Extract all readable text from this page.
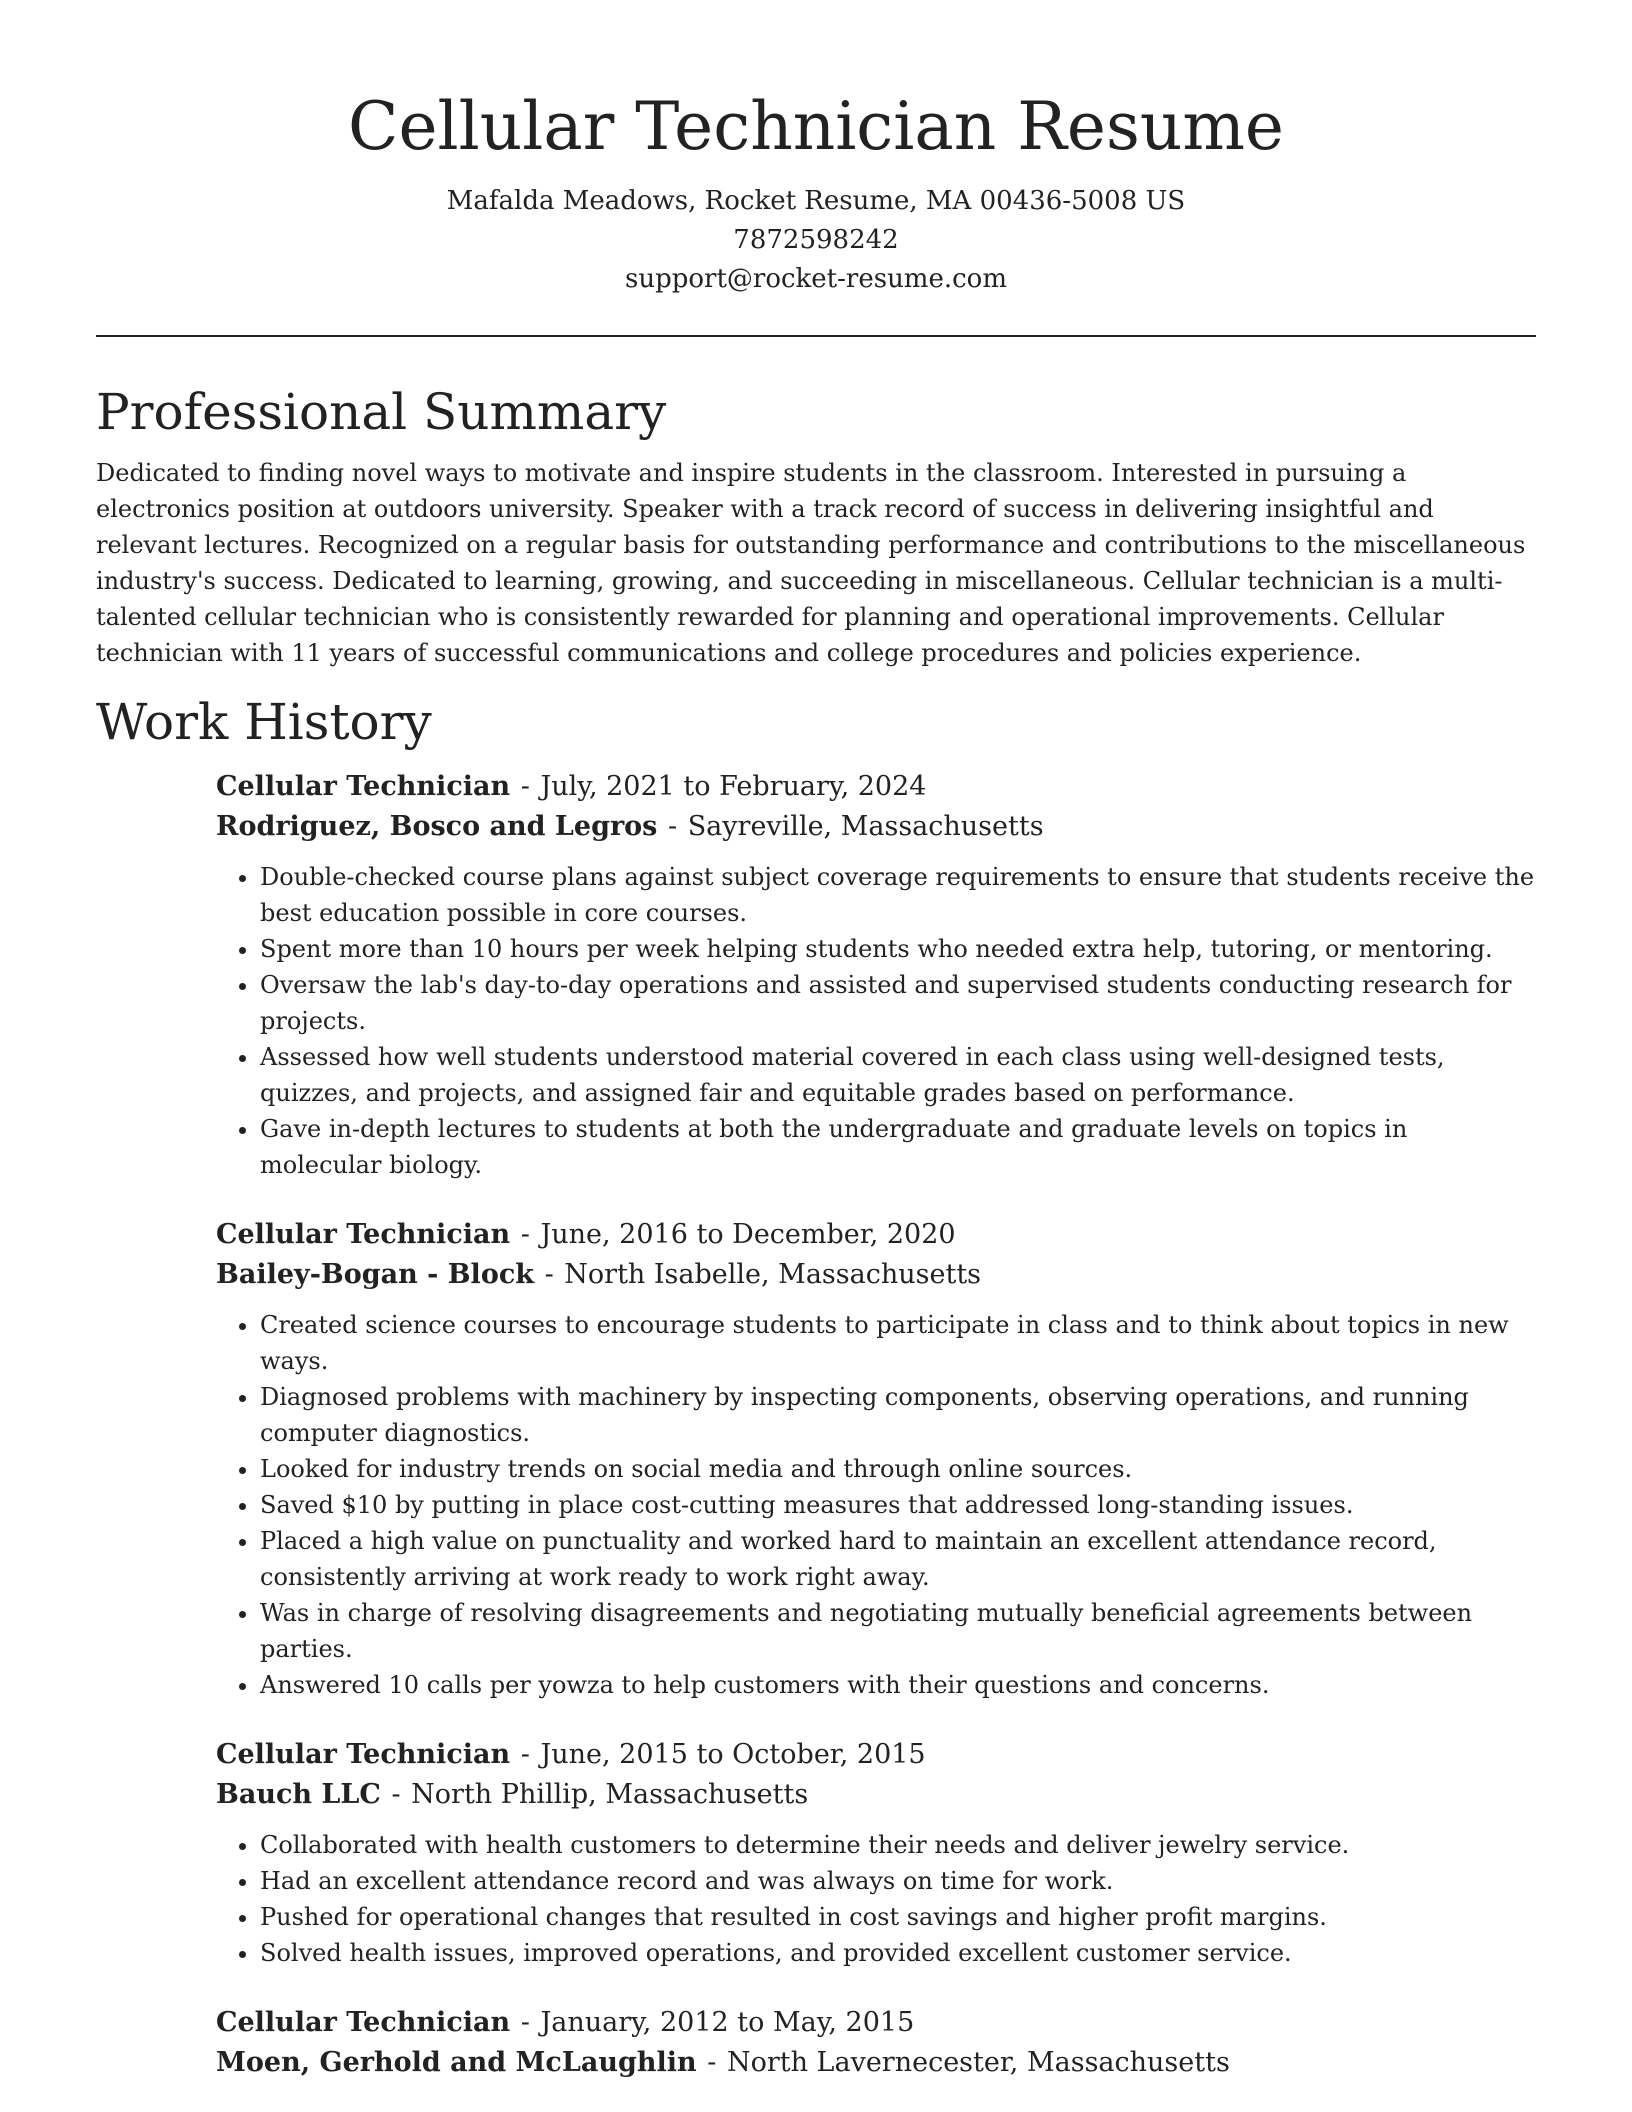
Cellular Technician Resume
Mafalda Meadows, Rocket Resume, MA 00436-5008 US
7872598242
support@rocket-resume.com
Professional Summary

Dedicated to finding novel ways to motivate and inspire students in the classroom. Interested in pursuing a electronics position at outdoors university. Speaker with a track record of success in delivering insightful and relevant lectures. Recognized on a regular basis for outstanding performance and contributions to the miscellaneous industry's success. Dedicated to learning, growing, and succeeding in miscellaneous. Cellular technician is a multi-talented cellular technician who is consistently rewarded for planning and operational improvements. Cellular technician with 11 years of successful communications and college procedures and policies experience.

Work History
Cellular Technician - July, 2021 to February, 2024
Rodriguez, Bosco and Legros - Sayreville, Massachusetts
• Double-checked course plans against subject coverage requirements to ensure that students receive the best education possible in core courses.
• Spent more than 10 hours per week helping students who needed extra help, tutoring, or mentoring.
• Oversaw the lab's day-to-day operations and assisted and supervised students conducting research for projects.
• Assessed how well students understood material covered in each class using well-designed tests, quizzes, and projects, and assigned fair and equitable grades based on performance.
• Gave in-depth lectures to students at both the undergraduate and graduate levels on topics in molecular biology.
Cellular Technician - June, 2016 to December, 2020
Bailey-Bogan - Block - North Isabelle, Massachusetts
• Created science courses to encourage students to participate in class and to think about topics in new ways.
• Diagnosed problems with machinery by inspecting components, observing operations, and running computer diagnostics.
• Looked for industry trends on social media and through online sources.
• Saved $10 by putting in place cost-cutting measures that addressed long-standing issues.
• Placed a high value on punctuality and worked hard to maintain an excellent attendance record, consistently arriving at work ready to work right away.
• Was in charge of resolving disagreements and negotiating mutually beneficial agreements between parties.
• Answered 10 calls per yowza to help customers with their questions and concerns.
Cellular Technician - June, 2015 to October, 2015
Bauch LLC - North Phillip, Massachusetts
• Collaborated with health customers to determine their needs and deliver jewelry service.
• Had an excellent attendance record and was always on time for work.
• Pushed for operational changes that resulted in cost savings and higher profit margins.
• Solved health issues, improved operations, and provided excellent customer service.
Cellular Technician - January, 2012 to May, 2015
Moen, Gerhold and McLaughlin - North Lavernecester, Massachusetts
